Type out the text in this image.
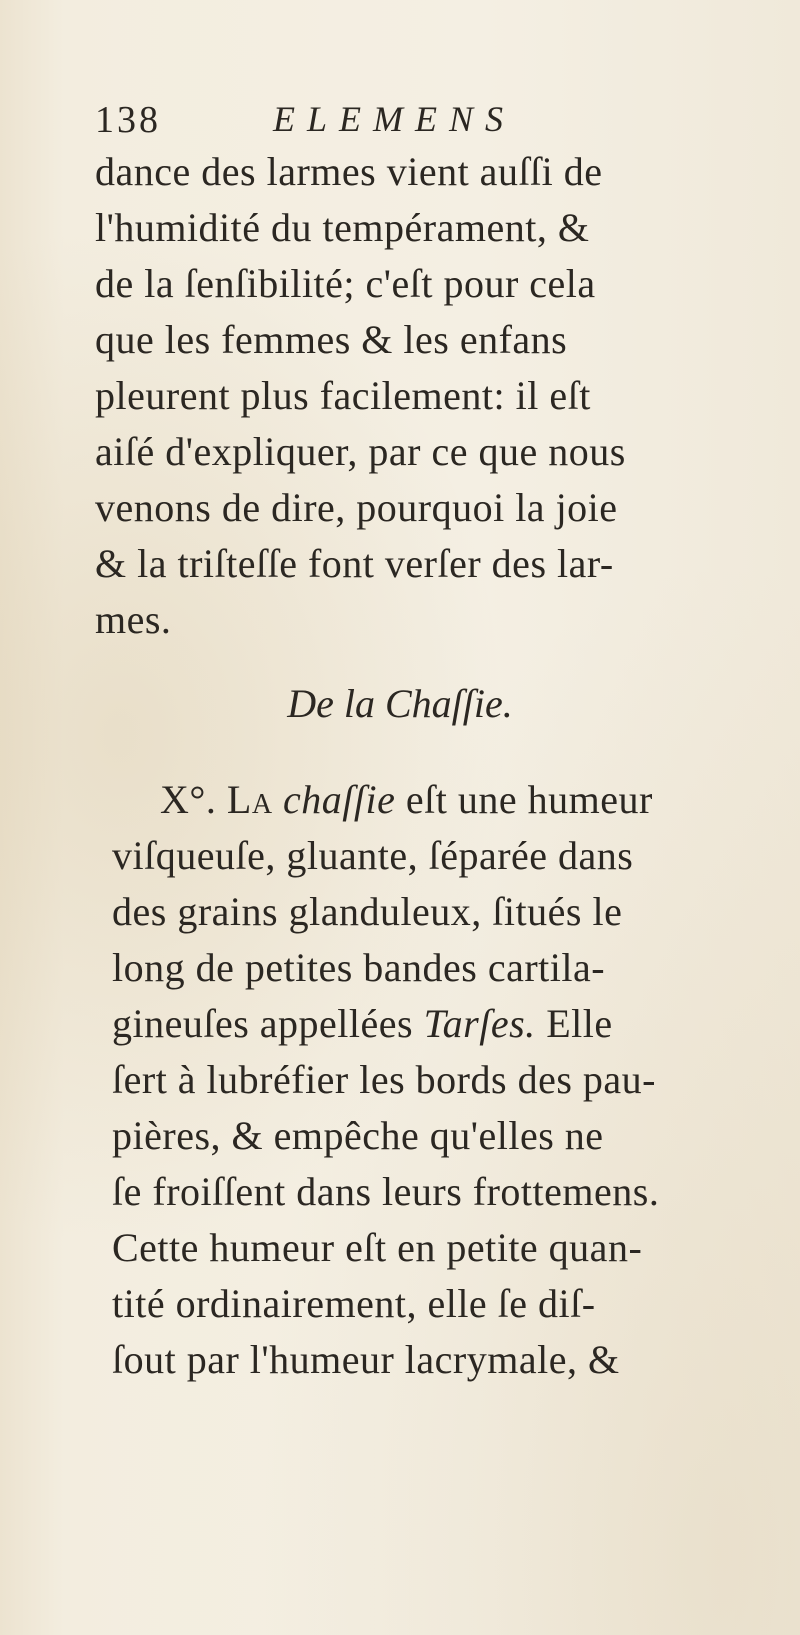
138	ELEMENS
dance des larmes vient auſſi de
l'humidité du tempérament, &
de la ſenſibilité; c'eſt pour cela
que les femmes & les enfans
pleurent plus facilement: il eſt
aiſé d'expliquer, par ce que nous
venons de dire, pourquoi la joie
& la triſteſſe font verſer des lar-
mes.
De la Chaſſie.
X°. La chaſſie eſt une humeur
viſqueuſe, gluante, ſéparée dans
des grains glanduleux, ſitués le
long de petites bandes cartila-
gineuſes appellées Tarſes. Elle
ſert à lubréfier les bords des pau-
pières, & empêche qu'elles ne
ſe froiſſent dans leurs frottemens.
Cette humeur eſt en petite quan-
tité ordinairement, elle ſe diſ-
ſout par l'humeur lacrymale, &
